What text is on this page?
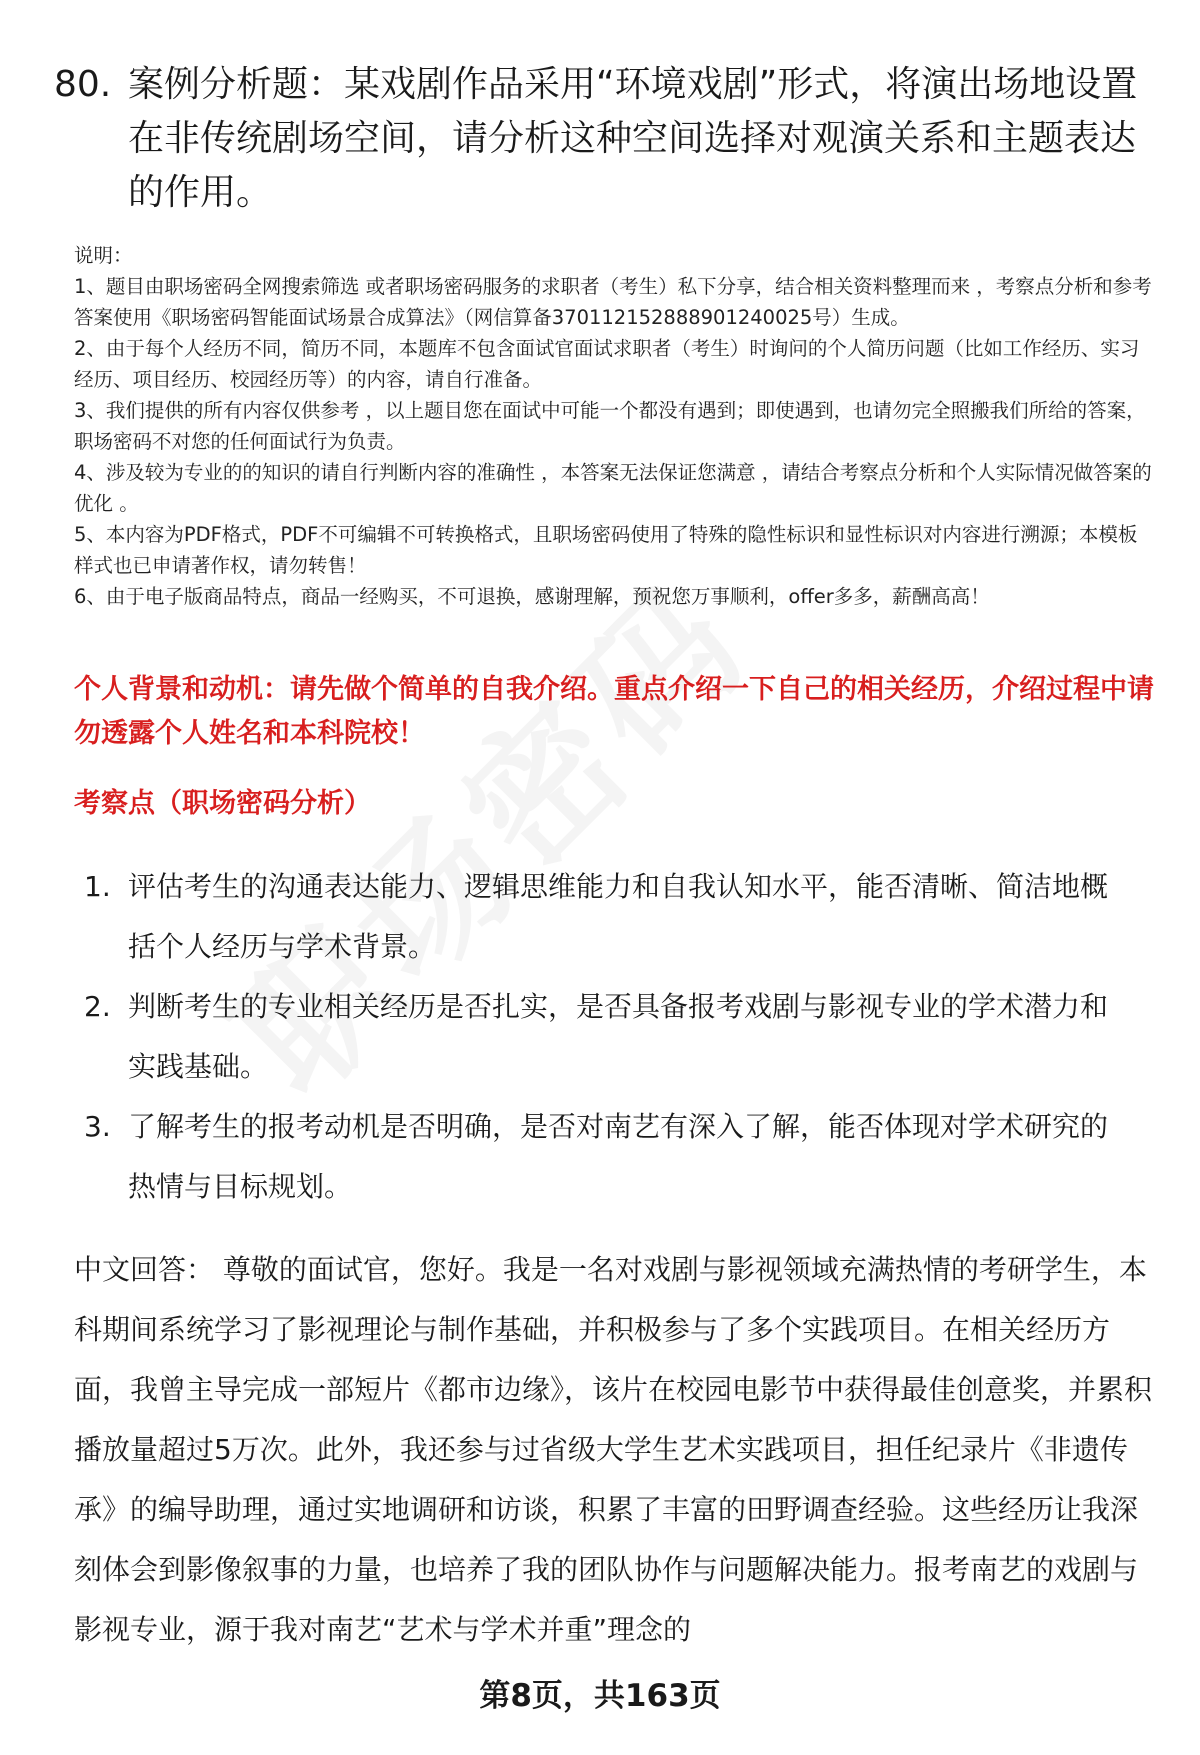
80. 案例分析题：某戏剧作品采用“环境戏剧”形式，将演出场地设置在非传统剧场空间，请分析这种空间选择对观演关系和主题表达的作用。

说明：

1、题目由职场密码全网搜索筛选 或者职场密码服务的求职者（考生）私下分享，结合相关资料整理而来 ，考察点分析和参考答案使用《职场密码智能面试场景合成算法》（网信算备370112152888901240025号）生成。

2、由于每个人经历不同，简历不同，本题库不包含面试官面试求职者（考生）时询问的个人简历问题（比如工作经历、实习经历、项目经历、校园经历等）的内容，请自行准备。

3、我们提供的所有内容仅供参考 ，以上题目您在面试中可能一个都没有遇到；即使遇到，也请勿完全照搬我们所给的答案，职场密码不对您的任何面试行为负责。

4、涉及较为专业的的知识的请自行判断内容的准确性 ，本答案无法保证您满意 ，请结合考察点分析和个人实际情况做答案的优化 。

5、本内容为PDF格式，PDF不可编辑不可转换格式，且职场密码使用了特殊的隐性标识和显性标识对内容进行溯源；本模板样式也已申请著作权，请勿转售！

6、由于电子版商品特点，商品一经购买，不可退换，感谢理解，预祝您万事顺利，offer多多，薪酬高高！

个人背景和动机：请先做个简单的自我介绍。重点介绍一下自己的相关经历，介绍过程中请勿透露个人姓名和本科院校！
考察点（职场密码分析）
1. 评估考生的沟通表达能力、逻辑思维能力和自我认知水平，能否清晰、简洁地概括个人经历与学术背景。
2. 判断考生的专业相关经历是否扎实，是否具备报考戏剧与影视专业的学术潜力和实践基础。
3. 了解考生的报考动机是否明确，是否对南艺有深入了解，能否体现对学术研究的热情与目标规划。
中文回答： 尊敬的面试官，您好。我是一名对戏剧与影视领域充满热情的考研学生，本科期间系统学习了影视理论与制作基础，并积极参与了多个实践项目。在相关经历方面，我曾主导完成一部短片《都市边缘》，该片在校园电影节中获得最佳创意奖，并累积播放量超过5万次。此外，我还参与过省级大学生艺术实践项目，担任纪录片《非遗传承》的编导助理，通过实地调研和访谈，积累了丰富的田野调查经验。这些经历让我深刻体会到影像叙事的力量，也培养了我的团队协作与问题解决能力。报考南艺的戏剧与影视专业，源于我对南艺“艺术与学术并重”理念的
第8页，共163页
